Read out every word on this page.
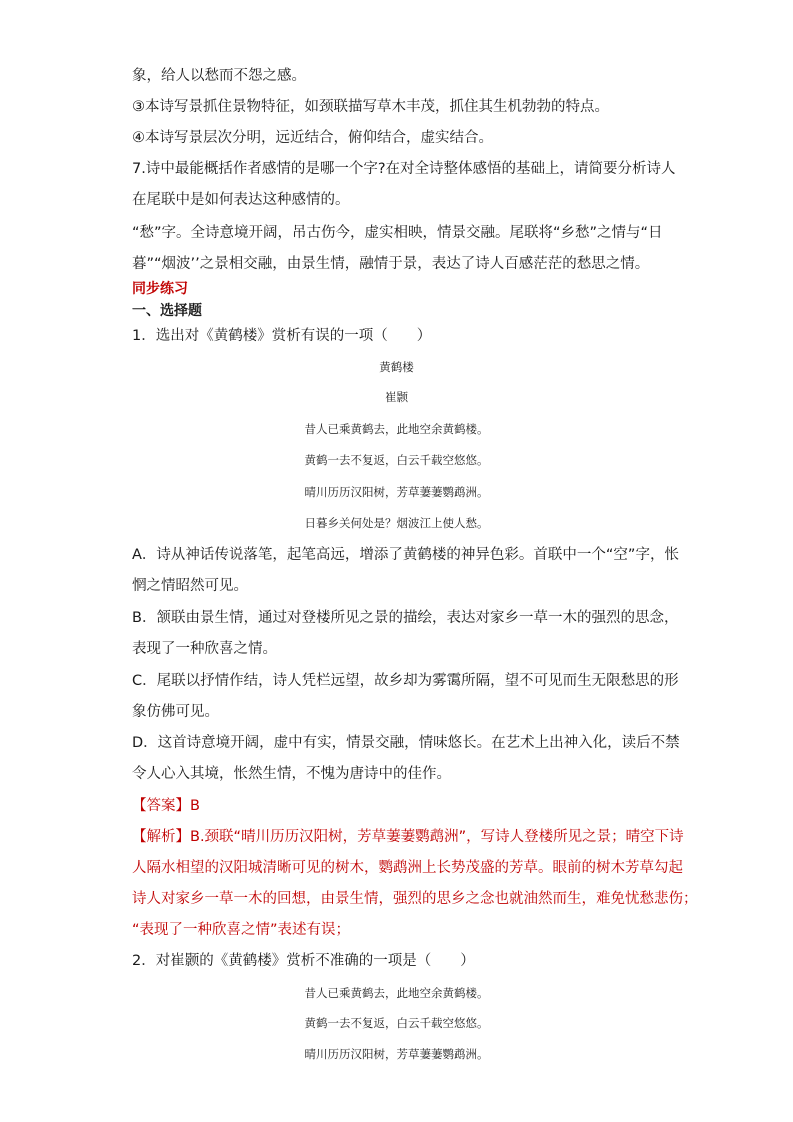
象，给人以愁而不怨之感。
③本诗写景抓住景物特征，如颈联描写草木丰茂，抓住其生机勃勃的特点。
④本诗写景层次分明，远近结合，俯仰结合，虚实结合。
7.诗中最能概括作者感情的是哪一个字?在对全诗整体感悟的基础上，请简要分析诗人
在尾联中是如何表达这种感情的。
“愁”字。全诗意境开阔，吊古伤今，虚实相映，情景交融。尾联将“乡愁”之情与“日
暮”“烟波’’之景相交融，由景生情，融情于景，表达了诗人百感茫茫的愁思之情。
同步练习
一、选择题
1．选出对《黄鹤楼》赏析有误的一项（　　）
黄鹤楼
崔颢
昔人已乘黄鹤去，此地空余黄鹤楼。
黄鹤一去不复返，白云千载空悠悠。
晴川历历汉阳树，芳草萋萋鹦鹉洲。
日暮乡关何处是？烟波江上使人愁。
A．诗从神话传说落笔，起笔高远，增添了黄鹤楼的神异色彩。首联中一个“空”字，怅
惘之情昭然可见。
B．颔联由景生情，通过对登楼所见之景的描绘，表达对家乡一草一木的强烈的思念，
表现了一种欣喜之情。
C．尾联以抒情作结，诗人凭栏远望，故乡却为雾霭所隔，望不可见而生无限愁思的形
象仿佛可见。
D．这首诗意境开阔，虚中有实，情景交融，情味悠长。在艺术上出神入化，读后不禁
令人心入其境，怅然生情，不愧为唐诗中的佳作。
【答案】B
【解析】B.颈联“晴川历历汉阳树，芳草萋萋鹦鹉洲”，写诗人登楼所见之景；晴空下诗
人隔水相望的汉阳城清晰可见的树木，鹦鹉洲上长势茂盛的芳草。眼前的树木芳草勾起
诗人对家乡一草一木的回想，由景生情，强烈的思乡之念也就油然而生，难免忧愁悲伤；
“表现了一种欣喜之情”表述有误；
2．对崔颢的《黄鹤楼》赏析不准确的一项是（　　）
昔人已乘黄鹤去，此地空余黄鹤楼。
黄鹤一去不复返，白云千载空悠悠。
晴川历历汉阳树，芳草萋萋鹦鹉洲。
